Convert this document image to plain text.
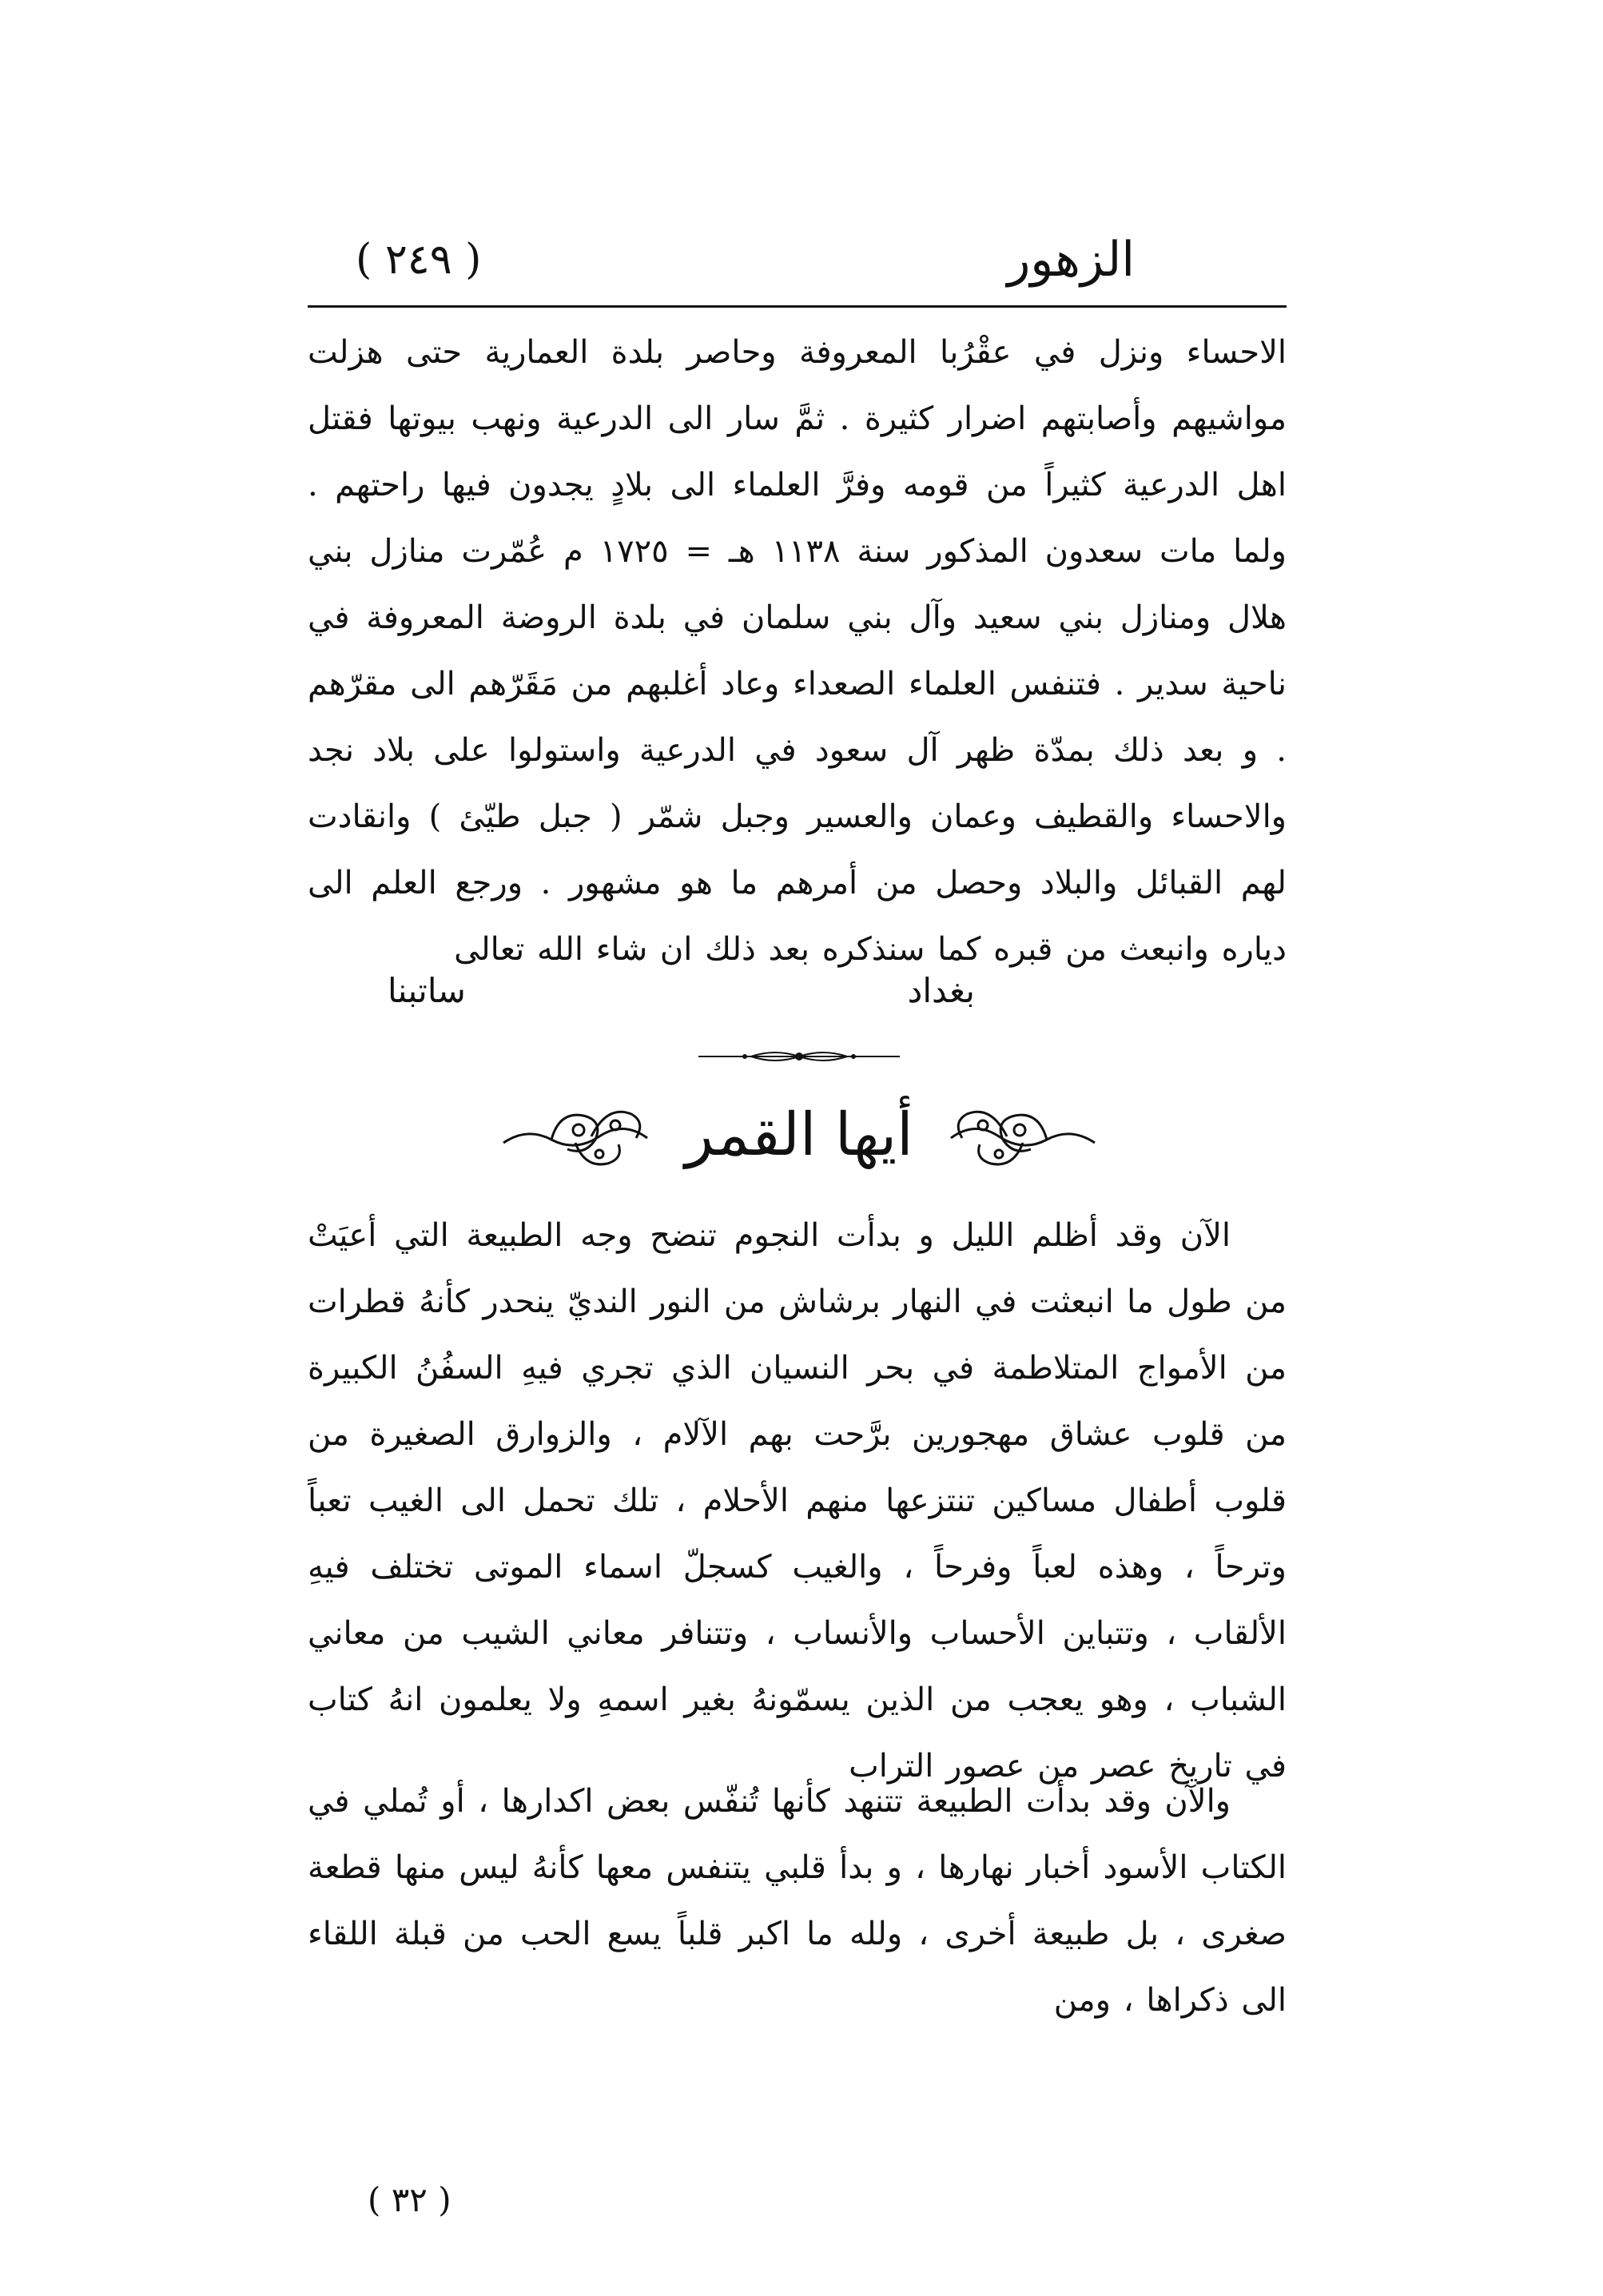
الزهور
( ٢٤٩ )

الاحساء ونزل في عقْرُبا المعروفة وحاصر بلدة العمارية حتى هزلت مواشيهم وأصابتهم اضرار كثيرة . ثمَّ سار الى الدرعية ونهب بيوتها فقتل اهل الدرعية كثيراً من قومه وفرَّ العلماء الى بلادٍ يجدون فيها راحتهم . ولما مات سعدون المذكور سنة ١١٣٨ هـ = ١٧٢٥ م عُمّرت منازل بني هلال ومنازل بني سعيد وآل بني سلمان في بلدة الروضة المعروفة في ناحية سدير . فتنفس العلماء الصعداء وعاد أغلبهم من مَقَرّهم الى مقرّهم . و بعد ذلك بمدّة ظهر آل سعود في الدرعية واستولوا على بلاد نجد والاحساء والقطيف وعمان والعسير وجبل شمّر ( جبل طيّئ ) وانقادت لهم القبائل والبلاد وحصل من أمرهم ما هو مشهور . ورجع العلم الى دياره وانبعث من قبره كما سنذكره بعد ذلك ان شاء الله تعالى

بغداد
ساتبنا
أيها القمر

الآن وقد أظلم الليل و بدأت النجوم تنضح وجه الطبيعة التي أعيَتْ من طول ما انبعثت في النهار برشاش من النور النديّ ينحدر كأنهُ قطرات من الأمواج المتلاطمة في بحر النسيان الذي تجري فيهِ السفُنُ الكبيرة من قلوب عشاق مهجورين برَّحت بهم الآلام ، والزوارق الصغيرة من قلوب أطفال مساكين تنتزعها منهم الأحلام ، تلك تحمل الى الغيب تعباً وترحاً ، وهذه لعباً وفرحاً ، والغيب كسجلّ اسماء الموتى تختلف فيهِ الألقاب ، وتتباين الأحساب والأنساب ، وتتنافر معاني الشيب من معاني الشباب ، وهو يعجب من الذين يسمّونهُ بغير اسمهِ ولا يعلمون انهُ كتاب في تاريخ عصر من عصور التراب

والآن وقد بدأت الطبيعة تتنهد كأنها تُنفّس بعض اكدارها ، أو تُملي في الكتاب الأسود أخبار نهارها ، و بدأ قلبي يتنفس معها كأنهُ ليس منها قطعة صغرى ، بل طبيعة أخرى ، ولله ما اكبر قلباً يسع الحب من قبلة اللقاء الى ذكراها ، ومن

( ٣٢ )
